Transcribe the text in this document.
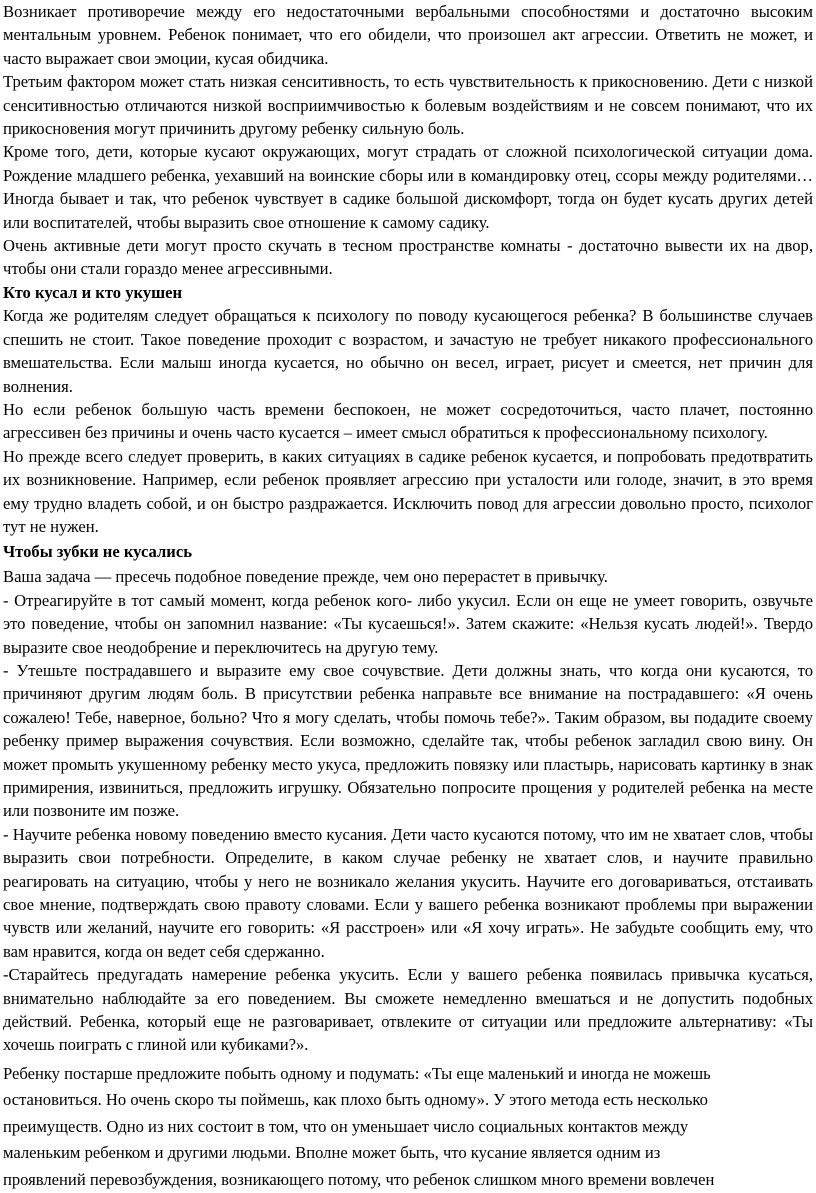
Возникает противоречие между его недостаточными вербальными способностями и достаточно высоким ментальным уровнем. Ребенок понимает, что его обидели, что произошел акт агрессии. Ответить не может, и часто выражает свои эмоции, кусая обидчика.

Третьим фактором может стать низкая сенситивность, то есть чувствительность к прикосновению. Дети с низкой сенситивностью отличаются низкой восприимчивостью к болевым воздействиям и не совсем понимают, что их прикосновения могут причинить другому ребенку сильную боль.

Кроме того, дети, которые кусают окружающих, могут страдать от сложной психологической ситуации дома. Рождение младшего ребенка, уехавший на воинские сборы или в командировку отец, ссоры между родителями… Иногда бывает и так, что ребенок чувствует в садике большой дискомфорт, тогда он будет кусать других детей или воспитателей, чтобы выразить свое отношение к самому садику.

Очень активные дети могут просто скучать в тесном пространстве комнаты - достаточно вывести их на двор, чтобы они стали гораздо менее агрессивными.

Кто кусал и кто укушен

Когда же родителям следует обращаться к психологу по поводу кусающегося ребенка? В большинстве случаев спешить не стоит. Такое поведение проходит с возрастом, и зачастую не требует никакого профессионального вмешательства. Если малыш иногда кусается, но обычно он весел, играет, рисует и смеется, нет причин для волнения.

Но если ребенок большую часть времени беспокоен, не может сосредоточиться, часто плачет, постоянно агрессивен без причины и очень часто кусается – имеет смысл обратиться к профессиональному психологу.

Но прежде всего следует проверить, в каких ситуациях в садике ребенок кусается, и попробовать предотвратить их возникновение. Например, если ребенок проявляет агрессию при усталости или голоде, значит, в это время ему трудно владеть собой, и он быстро раздражается. Исключить повод для агрессии довольно просто, психолог тут не нужен.

Чтобы зубки не кусались

Ваша задача — пресечь подобное поведение прежде, чем оно перерастет в привычку.

- Отреагируйте в тот самый момент, когда ребенок кого- либо укусил. Если он еще не умеет говорить, озвучьте это поведение, чтобы он запомнил название: «Ты кусаешься!». Затем скажите: «Нельзя кусать людей!». Твердо выразите свое неодобрение и переключитесь на другую тему.

- Утешьте пострадавшего и выразите ему свое сочувствие. Дети должны знать, что когда они кусаются, то причиняют другим людям боль. В присутствии ребенка направьте все внимание на пострадавшего: «Я очень сожалею! Тебе, наверное, больно? Что я могу сделать, чтобы помочь тебе?». Таким образом, вы подадите своему ребенку пример выражения сочувствия. Если возможно, сделайте так, чтобы ребенок загладил свою вину. Он может промыть укушенному ребенку место укуса, предложить повязку или пластырь, нарисовать картинку в знак примирения, извиниться, предложить игрушку. Обязательно попросите прощения у родителей ребенка на месте или позвоните им позже.

- Научите ребенка новому поведению вместо кусания. Дети часто кусаются потому, что им не хватает слов, чтобы выразить свои потребности. Определите, в каком случае ребенку не хватает слов, и научите правильно реагировать на ситуацию, чтобы у него не возникало желания укусить. Научите его договариваться, отстаивать свое мнение, подтверждать свою правоту словами. Если у вашего ребенка возникают проблемы при выражении чувств или желаний, научите его говорить: «Я расстроен» или «Я хочу играть». Не забудьте сообщить ему, что вам нравится, когда он ведет себя сдержанно.

-Старайтесь предугадать намерение ребенка укусить. Если у вашего ребенка появилась привычка кусаться, внимательно наблюдайте за его поведением. Вы сможете немедленно вмешаться и не допустить подобных действий. Ребенка, который еще не разговаривает, отвлеките от ситуации или предложите альтернативу: «Ты хочешь поиграть с глиной или кубиками?».

Ребенку постарше предложите побыть одному и подумать: «Ты еще маленький и иногда не можешь
остановиться. Но очень скоро ты поймешь, как плохо быть одному». У этого метода есть несколько
преимуществ. Одно из них состоит в том, что он уменьшает число социальных контактов между
маленьким ребенком и другими людьми. Вполне может быть, что кусание является одним из
проявлений перевозбуждения, возникающего потому, что ребенок слишком много времени вовлечен
